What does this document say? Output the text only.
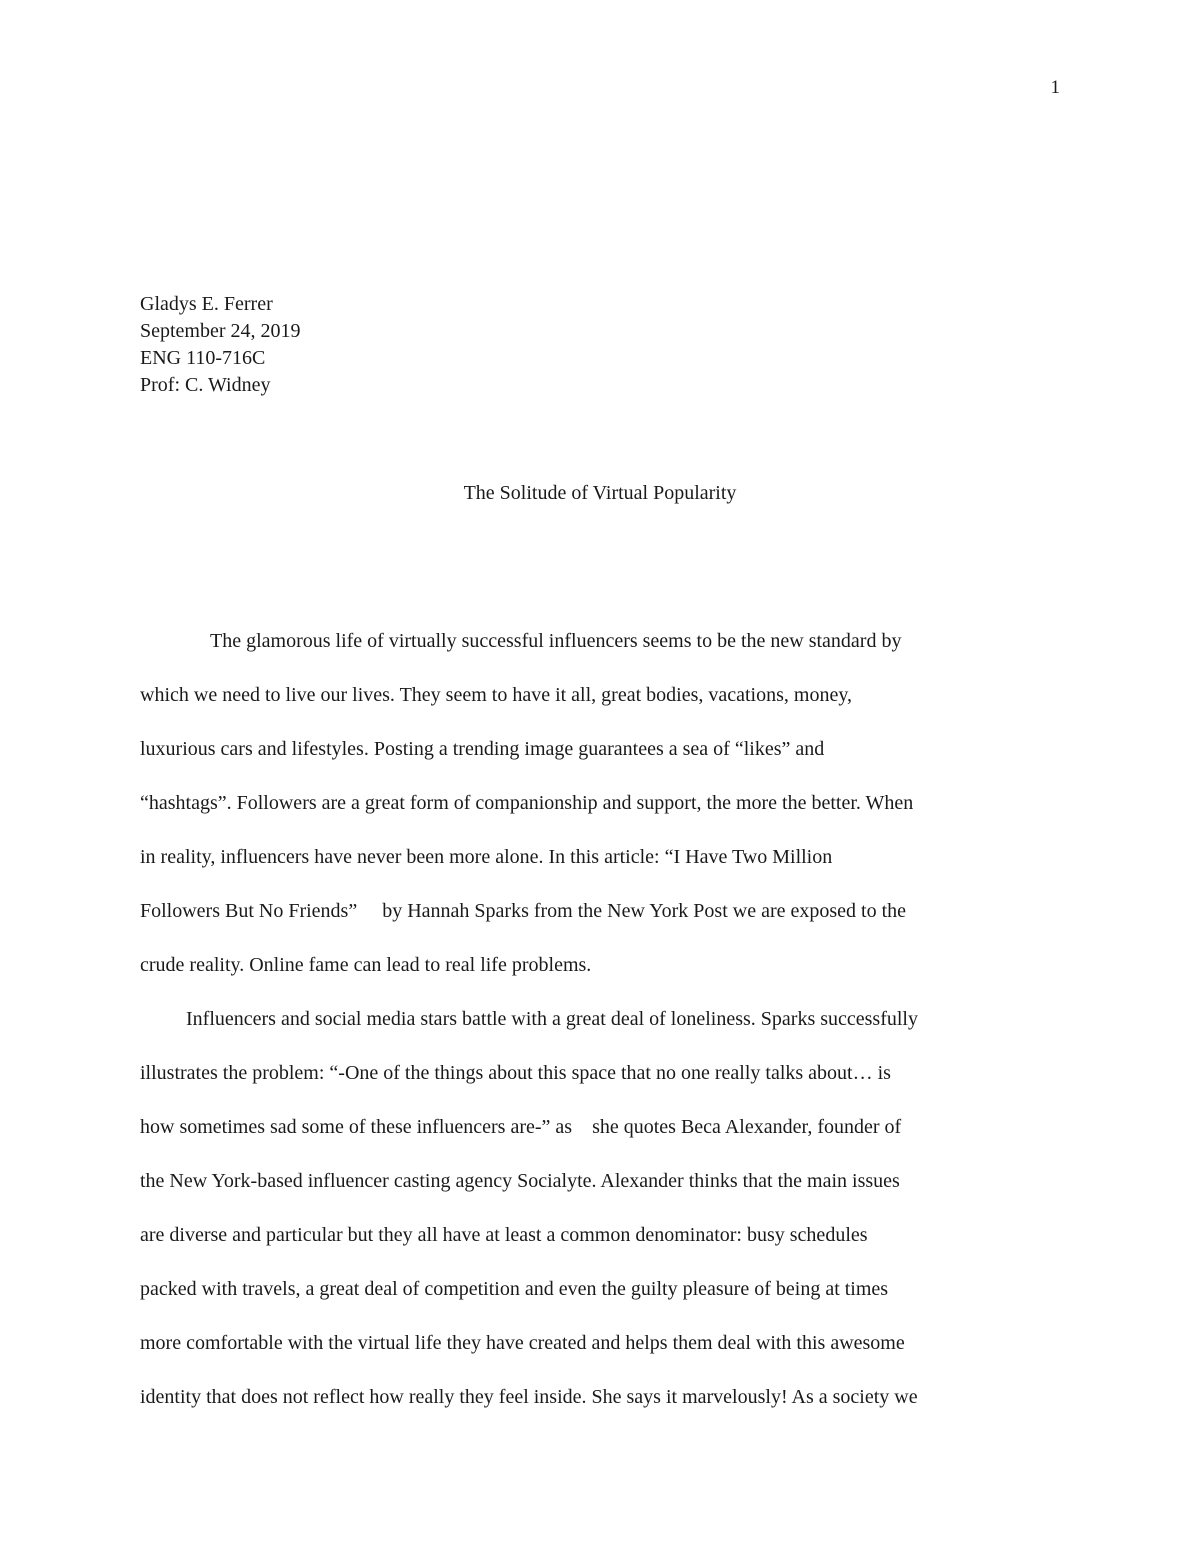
1
Gladys E. Ferrer
September 24, 2019
ENG 110-716C
Prof: C. Widney
The Solitude of Virtual Popularity
The glamorous life of virtually successful influencers seems to be the new standard by
which we need to live our lives. They seem to have it all, great bodies, vacations, money,
luxurious cars and lifestyles. Posting a trending image guarantees a sea of “likes” and
“hashtags”. Followers are a great form of companionship and support, the more the better. When
in reality, influencers have never been more alone. In this article: “I Have Two Million
Followers But No Friends”  by Hannah Sparks from the New York Post we are exposed to the
crude reality. Online fame can lead to real life problems.
Influencers and social media stars battle with a great deal of loneliness. Sparks successfully
illustrates the problem: “-One of the things about this space that no one really talks about… is
how sometimes sad some of these influencers are-” as she quotes Beca Alexander, founder of
the New York-based influencer casting agency Socialyte. Alexander thinks that the main issues
are diverse and particular but they all have at least a common denominator: busy schedules
packed with travels, a great deal of competition and even the guilty pleasure of being at times
more comfortable with the virtual life they have created and helps them deal with this awesome
identity that does not reflect how really they feel inside. She says it marvelously! As a society we
